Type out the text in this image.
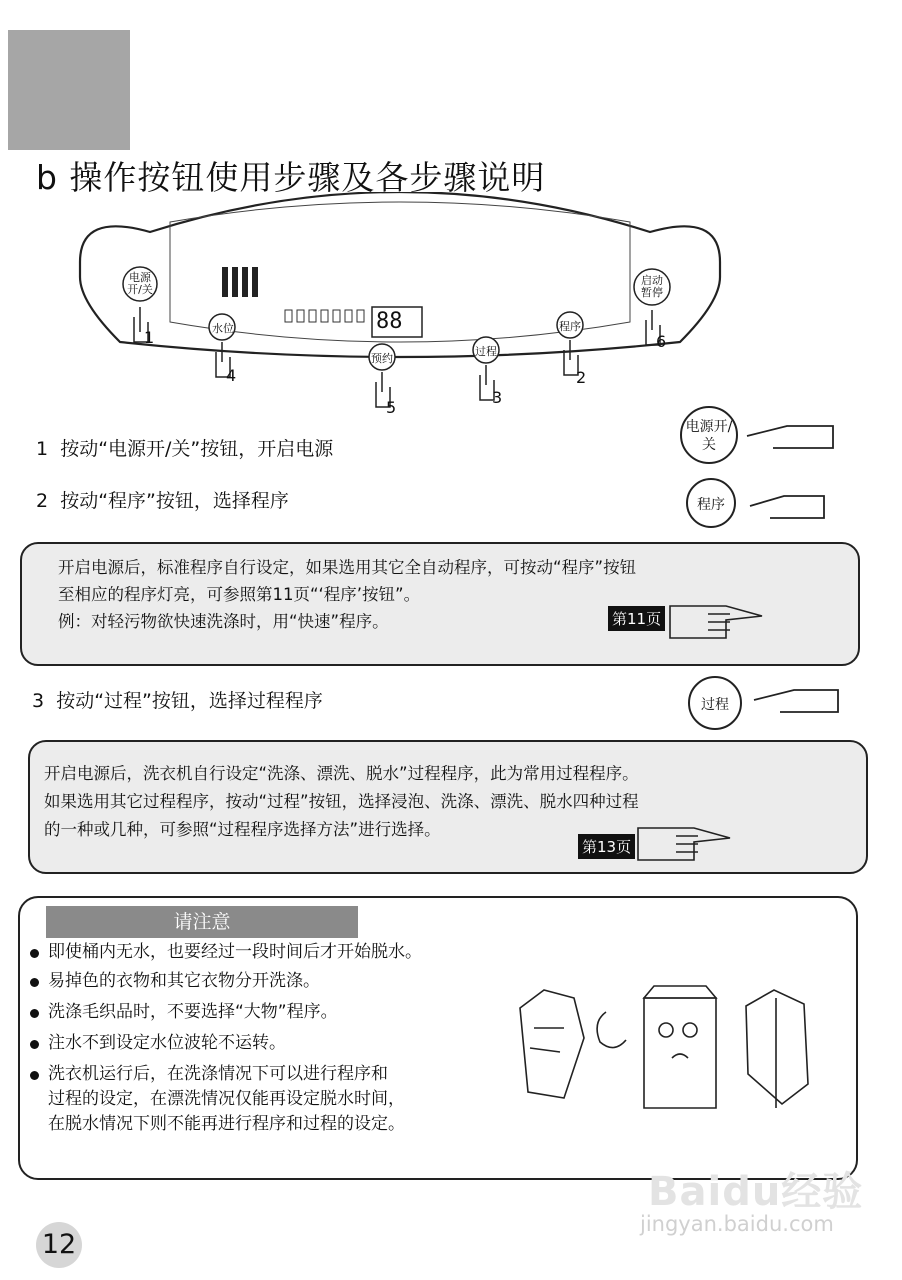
b 操作按钮使用步骤及各步骤说明
电源开/关
水位
预约
过程
程序
启动暂停
88
1
2
3
4
5
6
1 按动“电源开/关”按钮，开启电源
电源开/关
2 按动“程序”按钮，选择程序	程序
开启电源后，标准程序自行设定，如果选用其它全自动程序，可按动“程序”按钮
至相应的程序灯亮，可参照第11页“‘程序’按钮”。
例：对轻污物欲快速洗涤时，用“快速”程序。	第11页
3 按动“过程”按钮，选择过程程序	过程
开启电源后，洗衣机自行设定“洗涤、漂洗、脱水”过程程序，此为常用过程程序。
如果选用其它过程程序，按动“过程”按钮，选择浸泡、洗涤、漂洗、脱水四种过程
的一种或几种，可参照“过程程序选择方法”进行选择。
第13页
请注意
即使桶内无水，也要经过一段时间后才开始脱水。
易掉色的衣物和其它衣物分开洗涤。
洗涤毛织品时，不要选择“大物”程序。
注水不到设定水位波轮不运转。
洗衣机运行后，在洗涤情况下可以进行程序和
过程的设定，在漂洗情况仅能再设定脱水时间，
在脱水情况下则不能再进行程序和过程的设定。
12
Baidu经验
jingyan.baidu.com
